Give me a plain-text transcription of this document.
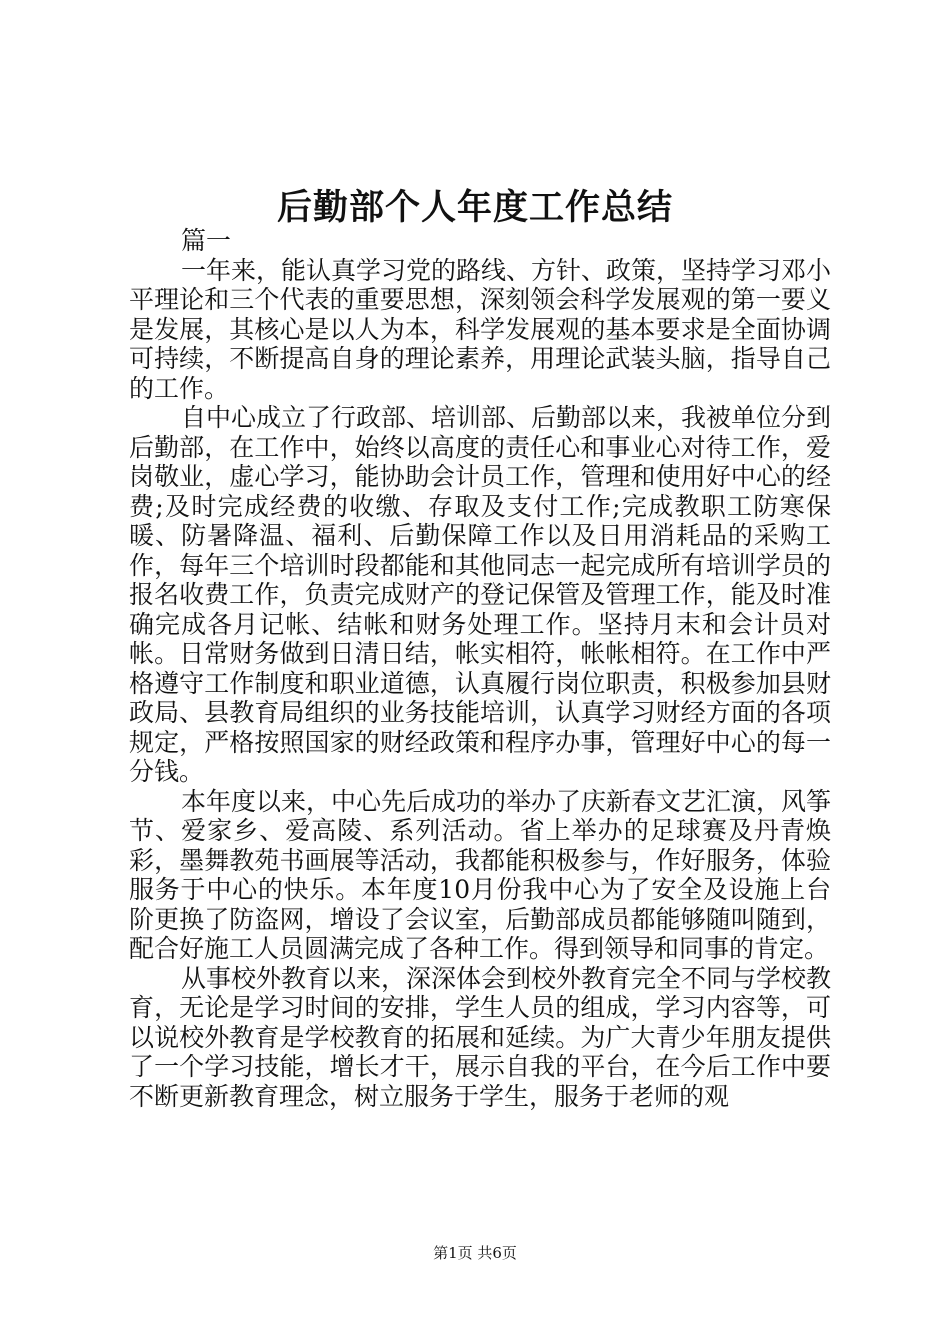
后勤部个人年度工作总结

篇一

一年来，能认真学习党的路线、方针、政策，坚持学习邓小平理论和三个代表的重要思想，深刻领会科学发展观的第一要义是发展，其核心是以人为本，科学发展观的基本要求是全面协调可持续，不断提高自身的理论素养，用理论武装头脑，指导自己的工作。

自中心成立了行政部、培训部、后勤部以来，我被单位分到后勤部，在工作中，始终以高度的责任心和事业心对待工作，爱岗敬业，虚心学习，能协助会计员工作，管理和使用好中心的经费;及时完成经费的收缴、存取及支付工作;完成教职工防寒保暖、防暑降温、福利、后勤保障工作以及日用消耗品的采购工作，每年三个培训时段都能和其他同志一起完成所有培训学员的报名收费工作，负责完成财产的登记保管及管理工作，能及时准确完成各月记帐、结帐和财务处理工作。坚持月末和会计员对帐。日常财务做到日清日结，帐实相符，帐帐相符。在工作中严格遵守工作制度和职业道德，认真履行岗位职责，积极参加县财政局、县教育局组织的业务技能培训，认真学习财经方面的各项规定，严格按照国家的财经政策和程序办事，管理好中心的每一分钱。

本年度以来，中心先后成功的举办了庆新春文艺汇演，风筝节、爱家乡、爱高陵、系列活动。省上举办的足球赛及丹青焕彩，墨舞教苑书画展等活动，我都能积极参与，作好服务，体验服务于中心的快乐。本年度10月份我中心为了安全及设施上台阶更换了防盗网，增设了会议室，后勤部成员都能够随叫随到，配合好施工人员圆满完成了各种工作。得到领导和同事的肯定。

从事校外教育以来，深深体会到校外教育完全不同与学校教育，无论是学习时间的安排，学生人员的组成，学习内容等，可以说校外教育是学校教育的拓展和延续。为广大青少年朋友提供了一个学习技能，增长才干，展示自我的平台，在今后工作中要不断更新教育理念，树立服务于学生，服务于老师的观

第1页 共6页
